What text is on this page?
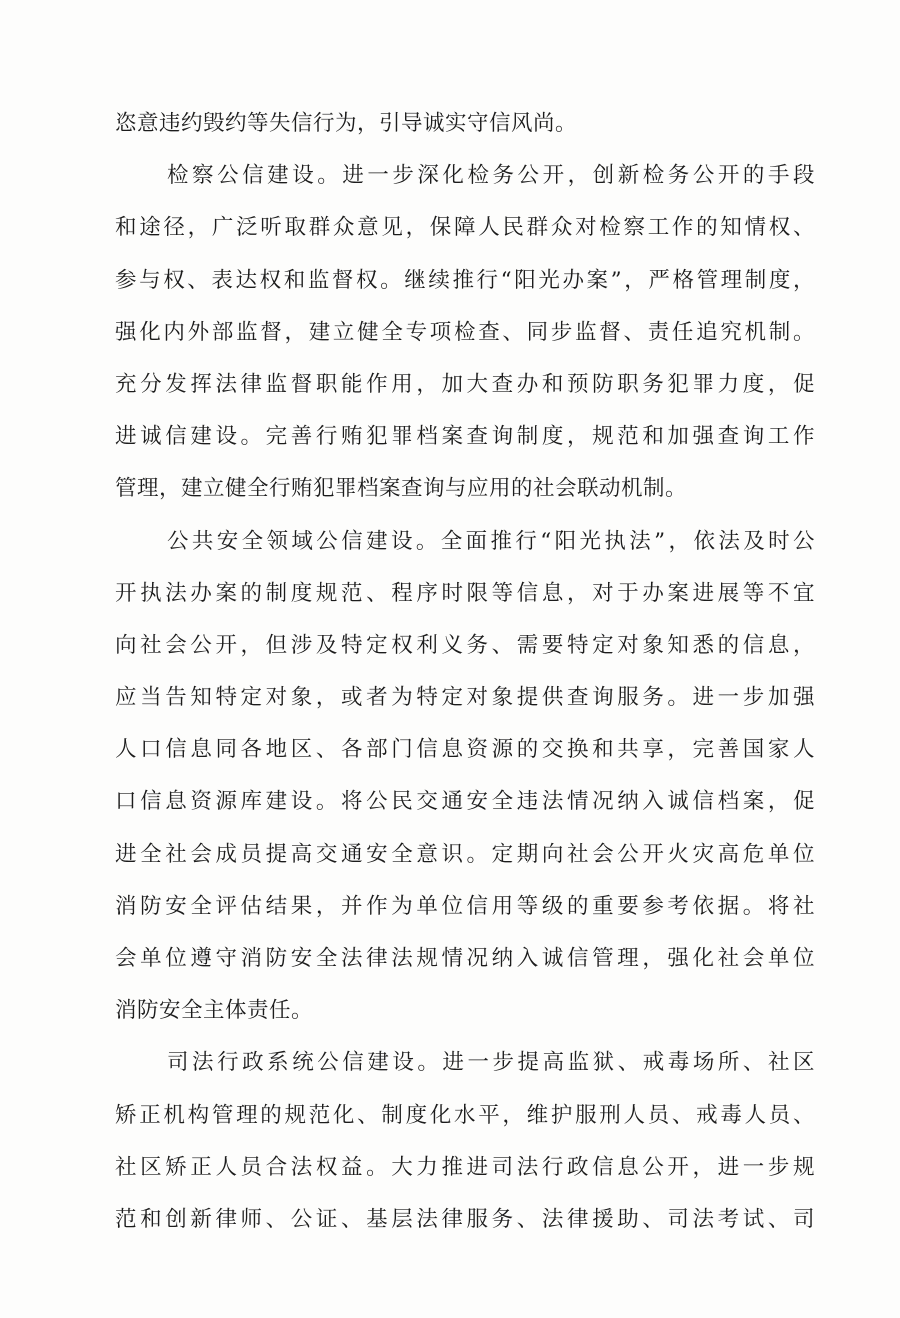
恣意违约毁约等失信行为，引导诚实守信风尚。
检察公信建设。进一步深化检务公开，创新检务公开的手段
和途径，广泛听取群众意见，保障人民群众对检察工作的知情权、
参与权、表达权和监督权。继续推行“阳光办案”，严格管理制度，
强化内外部监督，建立健全专项检查、同步监督、责任追究机制。
充分发挥法律监督职能作用，加大查办和预防职务犯罪力度，促
进诚信建设。完善行贿犯罪档案查询制度，规范和加强查询工作
管理，建立健全行贿犯罪档案查询与应用的社会联动机制。
公共安全领域公信建设。全面推行“阳光执法”，依法及时公
开执法办案的制度规范、程序时限等信息，对于办案进展等不宜
向社会公开，但涉及特定权利义务、需要特定对象知悉的信息，
应当告知特定对象，或者为特定对象提供查询服务。进一步加强
人口信息同各地区、各部门信息资源的交换和共享，完善国家人
口信息资源库建设。将公民交通安全违法情况纳入诚信档案，促
进全社会成员提高交通安全意识。定期向社会公开火灾高危单位
消防安全评估结果，并作为单位信用等级的重要参考依据。将社
会单位遵守消防安全法律法规情况纳入诚信管理，强化社会单位
消防安全主体责任。
司法行政系统公信建设。进一步提高监狱、戒毒场所、社区
矫正机构管理的规范化、制度化水平，维护服刑人员、戒毒人员、
社区矫正人员合法权益。大力推进司法行政信息公开，进一步规
范和创新律师、公证、基层法律服务、法律援助、司法考试、司
